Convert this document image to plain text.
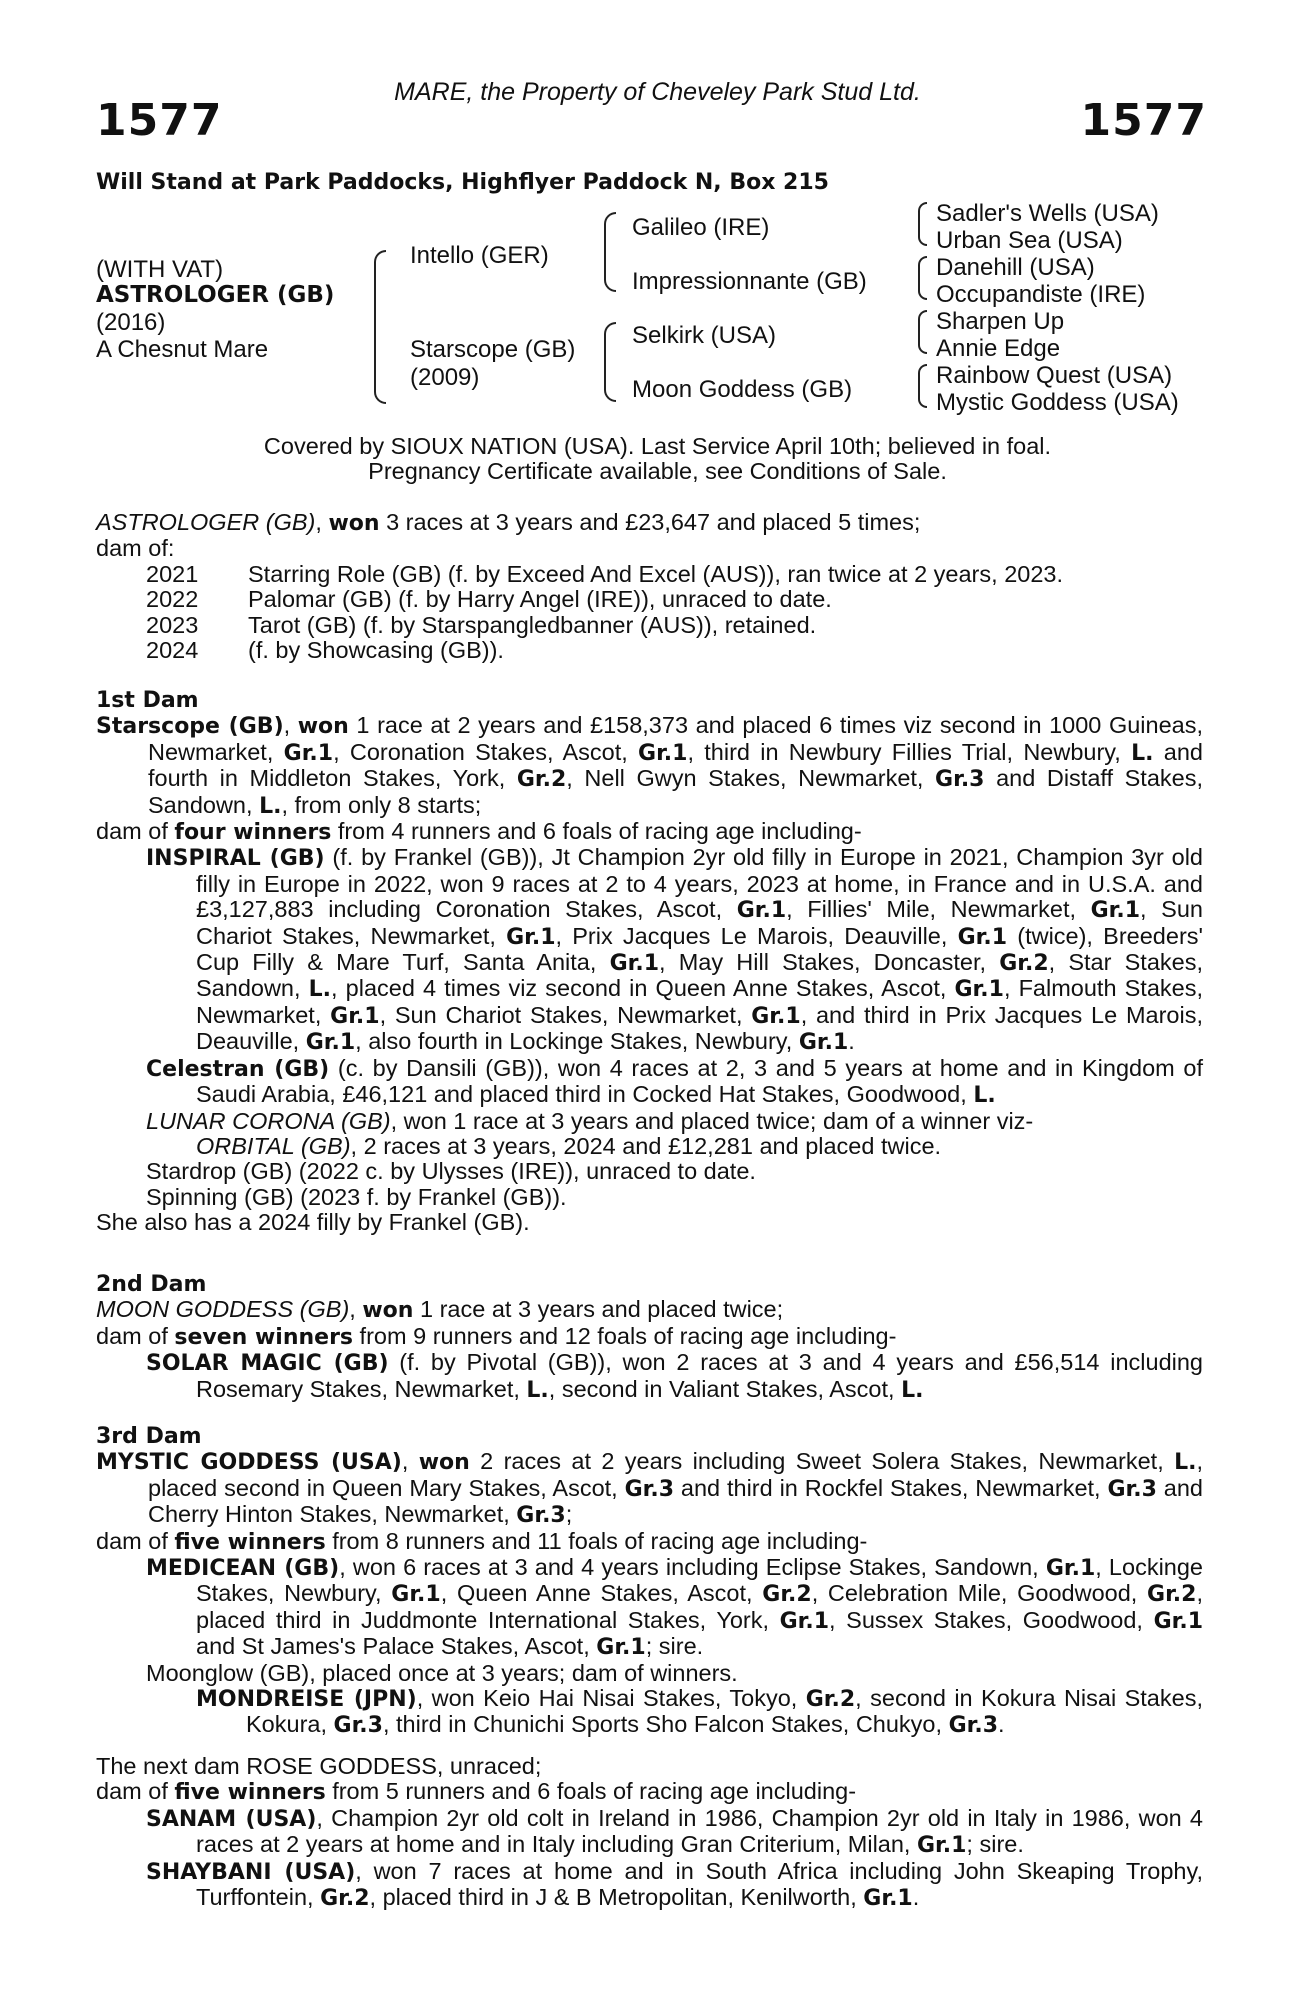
MARE, the Property of Cheveley Park Stud Ltd.
1577	1577
Will Stand at Park Paddocks, Highflyer Paddock N, Box 215
(WITH VAT)
ASTROLOGER (GB)
(2016)
A Chesnut Mare
Intello (GER)
Starscope (GB)
(2009)
Galileo (IRE)
Impressionnante (GB)
Selkirk (USA)
Moon Goddess (GB)
Sadler's Wells (USA)
Urban Sea (USA)
Danehill (USA)
Occupandiste (IRE)
Sharpen Up
Annie Edge
Rainbow Quest (USA)
Mystic Goddess (USA)
Covered by SIOUX NATION (USA). Last Service April 10th; believed in foal.
Pregnancy Certificate available, see Conditions of Sale.

ASTROLOGER (GB), won 3 races at 3 years and £23,647 and placed 5 times;

dam of:

2021	Starring Role (GB) (f. by Exceed And Excel (AUS)), ran twice at 2 years, 2023.
2022	Palomar (GB) (f. by Harry Angel (IRE)), unraced to date.
2023	Tarot (GB) (f. by Starspangledbanner (AUS)), retained.
2024	(f. by Showcasing (GB)).

1st Dam

Starscope (GB), won 1 race at 2 years and £158,373 and placed 6 times viz second in 1000 Guineas, Newmarket, Gr.1, Coronation Stakes, Ascot, Gr.1, third in Newbury Fillies Trial, Newbury, L. and fourth in Middleton Stakes, York, Gr.2, Nell Gwyn Stakes, Newmarket, Gr.3 and Distaff Stakes, Sandown, L., from only 8 starts;

dam of four winners from 4 runners and 6 foals of racing age including-

INSPIRAL (GB) (f. by Frankel (GB)), Jt Champion 2yr old filly in Europe in 2021, Champion 3yr old filly in Europe in 2022, won 9 races at 2 to 4 years, 2023 at home, in France and in U.S.A. and £3,127,883 including Coronation Stakes, Ascot, Gr.1, Fillies' Mile, Newmarket, Gr.1, Sun Chariot Stakes, Newmarket, Gr.1, Prix Jacques Le Marois, Deauville, Gr.1 (twice), Breeders' Cup Filly & Mare Turf, Santa Anita, Gr.1, May Hill Stakes, Doncaster, Gr.2, Star Stakes, Sandown, L., placed 4 times viz second in Queen Anne Stakes, Ascot, Gr.1, Falmouth Stakes, Newmarket, Gr.1, Sun Chariot Stakes, Newmarket, Gr.1, and third in Prix Jacques Le Marois, Deauville, Gr.1, also fourth in Lockinge Stakes, Newbury, Gr.1.

Celestran (GB) (c. by Dansili (GB)), won 4 races at 2, 3 and 5 years at home and in Kingdom of Saudi Arabia, £46,121 and placed third in Cocked Hat Stakes, Goodwood, L.

LUNAR CORONA (GB), won 1 race at 3 years and placed twice; dam of a winner viz-

ORBITAL (GB), 2 races at 3 years, 2024 and £12,281 and placed twice.

Stardrop (GB) (2022 c. by Ulysses (IRE)), unraced to date.

Spinning (GB) (2023 f. by Frankel (GB)).

She also has a 2024 filly by Frankel (GB).

2nd Dam

MOON GODDESS (GB), won 1 race at 3 years and placed twice;

dam of seven winners from 9 runners and 12 foals of racing age including-

SOLAR MAGIC (GB) (f. by Pivotal (GB)), won 2 races at 3 and 4 years and £56,514 including Rosemary Stakes, Newmarket, L., second in Valiant Stakes, Ascot, L.

3rd Dam

MYSTIC GODDESS (USA), won 2 races at 2 years including Sweet Solera Stakes, Newmarket, L., placed second in Queen Mary Stakes, Ascot, Gr.3 and third in Rockfel Stakes, Newmarket, Gr.3 and Cherry Hinton Stakes, Newmarket, Gr.3;

dam of five winners from 8 runners and 11 foals of racing age including-

MEDICEAN (GB), won 6 races at 3 and 4 years including Eclipse Stakes, Sandown, Gr.1, Lockinge Stakes, Newbury, Gr.1, Queen Anne Stakes, Ascot, Gr.2, Celebration Mile, Goodwood, Gr.2, placed third in Juddmonte International Stakes, York, Gr.1, Sussex Stakes, Goodwood, Gr.1 and St James's Palace Stakes, Ascot, Gr.1; sire.

Moonglow (GB), placed once at 3 years; dam of winners.

MONDREISE (JPN), won Keio Hai Nisai Stakes, Tokyo, Gr.2, second in Kokura Nisai Stakes, Kokura, Gr.3, third in Chunichi Sports Sho Falcon Stakes, Chukyo, Gr.3.

The next dam ROSE GODDESS, unraced;

dam of five winners from 5 runners and 6 foals of racing age including-

SANAM (USA), Champion 2yr old colt in Ireland in 1986, Champion 2yr old in Italy in 1986, won 4 races at 2 years at home and in Italy including Gran Criterium, Milan, Gr.1; sire.

SHAYBANI (USA), won 7 races at home and in South Africa including John Skeaping Trophy, Turffontein, Gr.2, placed third in J & B Metropolitan, Kenilworth, Gr.1.
